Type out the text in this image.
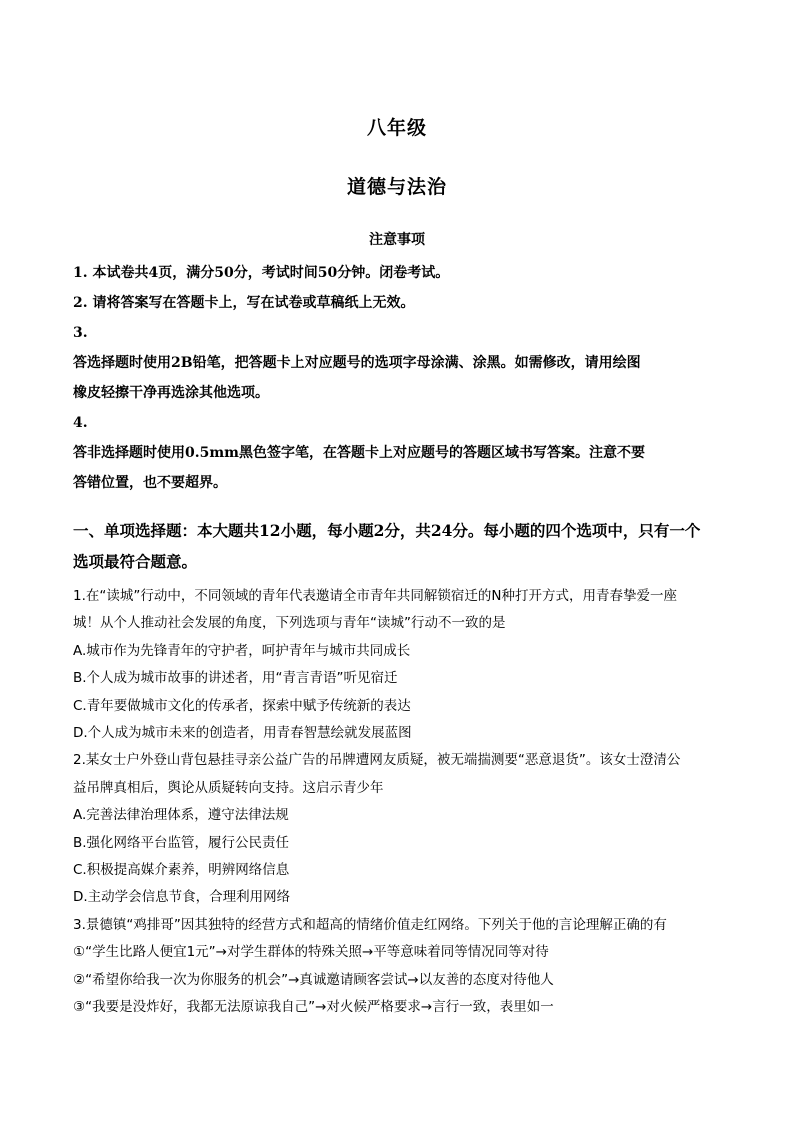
八年级
道德与法治
注意事项
1. 本试卷共4页，满分50分，考试时间50分钟。闭卷考试。
2. 请将答案写在答题卡上，写在试卷或草稿纸上无效。
3.
答选择题时使用2B铅笔，把答题卡上对应题号的选项字母涂满、涂黑。如需修改，请用绘图
橡皮轻擦干净再选涂其他选项。
4.
答非选择题时使用0.5mm黑色签字笔，在答题卡上对应题号的答题区域书写答案。注意不要
答错位置，也不要超界。
一、单项选择题：本大题共12小题，每小题2分，共24分。每小题的四个选项中，只有一个
选项最符合题意。
1.在“读城”行动中，不同领域的青年代表邀请全市青年共同解锁宿迁的N种打开方式，用青春挚爱一座
城！从个人推动社会发展的角度，下列选项与青年“读城”行动不一致的是
A.城市作为先锋青年的守护者，呵护青年与城市共同成长
B.个人成为城市故事的讲述者，用“青言青语”听见宿迁
C.青年要做城市文化的传承者，探索中赋予传统新的表达
D.个人成为城市未来的创造者，用青春智慧绘就发展蓝图
2.某女士户外登山背包悬挂寻亲公益广告的吊牌遭网友质疑，被无端揣测要“恶意退货”。该女士澄清公
益吊牌真相后，舆论从质疑转向支持。这启示青少年
A.完善法律治理体系，遵守法律法规
B.强化网络平台监管，履行公民责任
C.积极提高媒介素养，明辨网络信息
D.主动学会信息节食，合理利用网络
3.景德镇“鸡排哥”因其独特的经营方式和超高的情绪价值走红网络。下列关于他的言论理解正确的有
①“学生比路人便宜1元”→对学生群体的特殊关照→平等意味着同等情况同等对待
②“希望你给我一次为你服务的机会”→真诚邀请顾客尝试→以友善的态度对待他人
③“我要是没炸好，我都无法原谅我自己”→对火候严格要求→言行一致，表里如一
